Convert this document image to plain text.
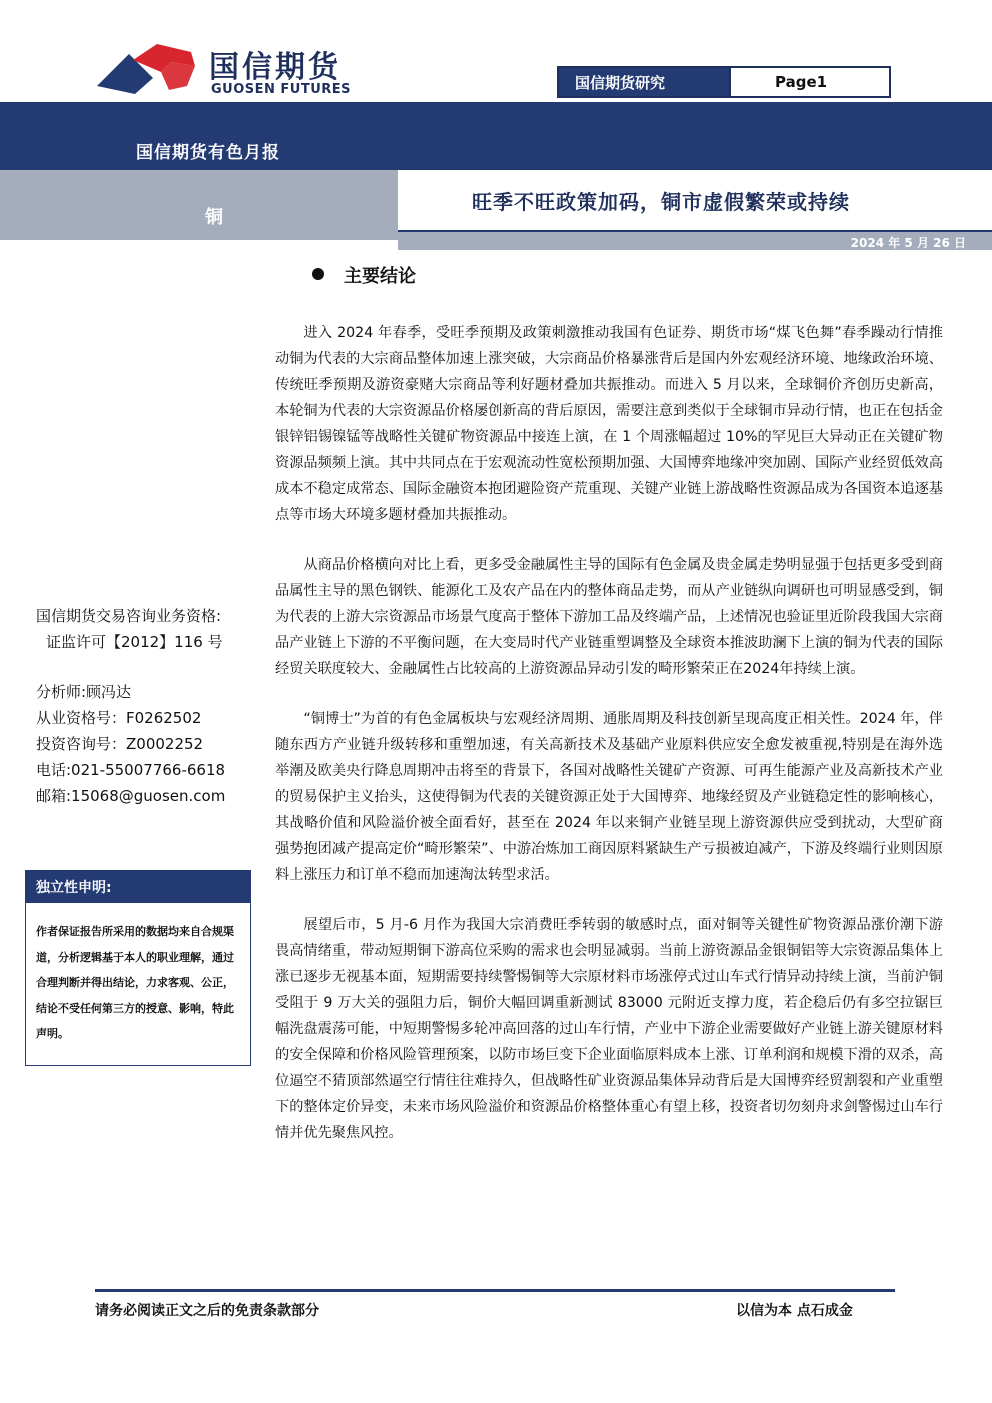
国信期货
GUOSEN FUTURES	国信期货研究	Page1
国信期货有色月报
铜
旺季不旺政策加码，铜市虚假繁荣或持续
2024 年 5 月 26 日
主要结论

进入 2024 年春季，受旺季预期及政策刺激推动我国有色证券、期货市场“煤飞色舞”春季躁动行情推动铜为代表的大宗商品整体加速上涨突破，大宗商品价格暴涨背后是国内外宏观经济环境、地缘政治环境、传统旺季预期及游资豪赌大宗商品等利好题材叠加共振推动。而进入 5 月以来，全球铜价齐创历史新高，本轮铜为代表的大宗资源品价格屡创新高的背后原因，需要注意到类似于全球铜市异动行情，也正在包括金银锌铝锡镍锰等战略性关键矿物资源品中接连上演，在 1 个周涨幅超过 10%的罕见巨大异动正在关键矿物资源品频频上演。其中共同点在于宏观流动性宽松预期加强、大国博弈地缘冲突加剧、国际产业经贸低效高成本不稳定成常态、国际金融资本抱团避险资产荒重现、关键产业链上游战略性资源品成为各国资本追逐基点等市场大环境多题材叠加共振推动。

从商品价格横向对比上看，更多受金融属性主导的国际有色金属及贵金属走势明显强于包括更多受到商品属性主导的黑色钢铁、能源化工及农产品在内的整体商品走势，而从产业链纵向调研也可明显感受到，铜为代表的上游大宗资源品市场景气度高于整体下游加工品及终端产品，上述情况也验证里近阶段我国大宗商品产业链上下游的不平衡问题，在大变局时代产业链重塑调整及全球资本推波助澜下上演的铜为代表的国际经贸关联度较大、金融属性占比较高的上游资源品异动引发的畸形繁荣正在2024年持续上演。

“铜博士”为首的有色金属板块与宏观经济周期、通胀周期及科技创新呈现高度正相关性。2024 年，伴随东西方产业链升级转移和重塑加速，有关高新技术及基础产业原料供应安全愈发被重视,特别是在海外选举潮及欧美央行降息周期冲击将至的背景下，各国对战略性关键矿产资源、可再生能源产业及高新技术产业的贸易保护主义抬头，这使得铜为代表的关键资源正处于大国博弈、地缘经贸及产业链稳定性的影响核心，其战略价值和风险溢价被全面看好，甚至在 2024 年以来铜产业链呈现上游资源供应受到扰动，大型矿商强势抱团减产提高定价“畸形繁荣”、中游冶炼加工商因原料紧缺生产亏损被迫减产，下游及终端行业则因原料上涨压力和订单不稳而加速淘汰转型求活。

展望后市，5 月-6 月作为我国大宗消费旺季转弱的敏感时点，面对铜等关键性矿物资源品涨价潮下游畏高情绪重，带动短期铜下游高位采购的需求也会明显减弱。当前上游资源品金银铜铝等大宗资源品集体上涨已逐步无视基本面，短期需要持续警惕铜等大宗原材料市场涨停式过山车式行情异动持续上演，当前沪铜受阻于 9 万大关的强阻力后，铜价大幅回调重新测试 83000 元附近支撑力度，若企稳后仍有多空拉锯巨幅洗盘震荡可能，中短期警惕多轮冲高回落的过山车行情，产业中下游企业需要做好产业链上游关键原材料的安全保障和价格风险管理预案，以防市场巨变下企业面临原料成本上涨、订单利润和规模下滑的双杀，高位逼空不猜顶部然逼空行情往往难持久，但战略性矿业资源品集体异动背后是大国博弈经贸割裂和产业重塑下的整体定价异变，未来市场风险溢价和资源品价格整体重心有望上移，投资者切勿刻舟求剑警惕过山车行情并优先聚焦风控。

国信期货交易咨询业务资格:
证监许可【2012】116 号
分析师:顾冯达
从业资格号：F0262502
投资咨询号：Z0002252
电话:021-55007766-6618
邮箱:15068@guosen.com
独立性申明:
作者保证报告所采用的数据均来自合规渠道，分析逻辑基于本人的职业理解，通过合理判断并得出结论，力求客观、公正，结论不受任何第三方的授意、影响，特此声明。
请务必阅读正文之后的免责条款部分	以信为本 点石成金
